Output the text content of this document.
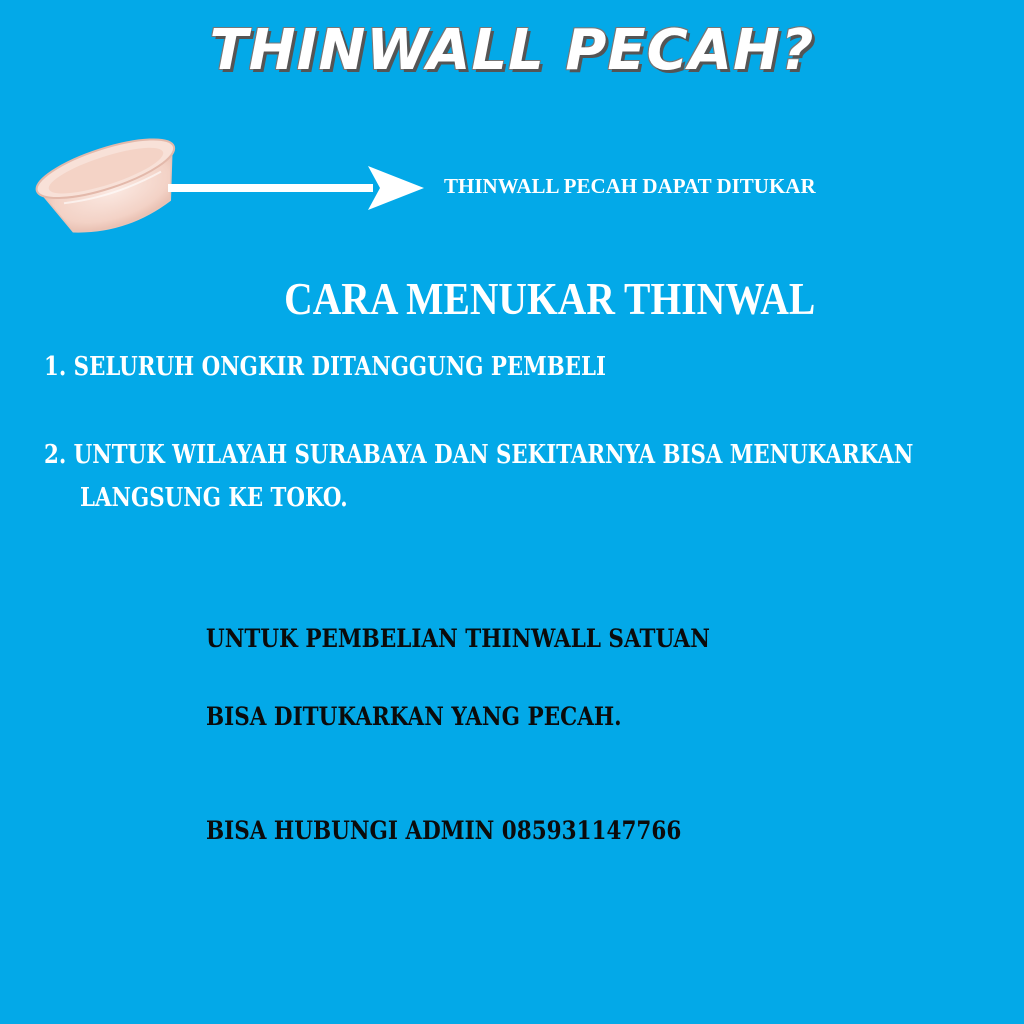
THINWALL PECAH?

THINWALL PECAH DAPAT DITUKAR

CARA MENUKAR THINWAL

1. SELURUH ONGKIR DITANGGUNG PEMBELI

2. UNTUK WILAYAH SURABAYA DAN SEKITARNYA BISA MENUKARKAN

LANGSUNG KE TOKO.

UNTUK PEMBELIAN THINWALL SATUAN

BISA DITUKARKAN YANG PECAH.

BISA HUBUNGI ADMIN 085931147766
